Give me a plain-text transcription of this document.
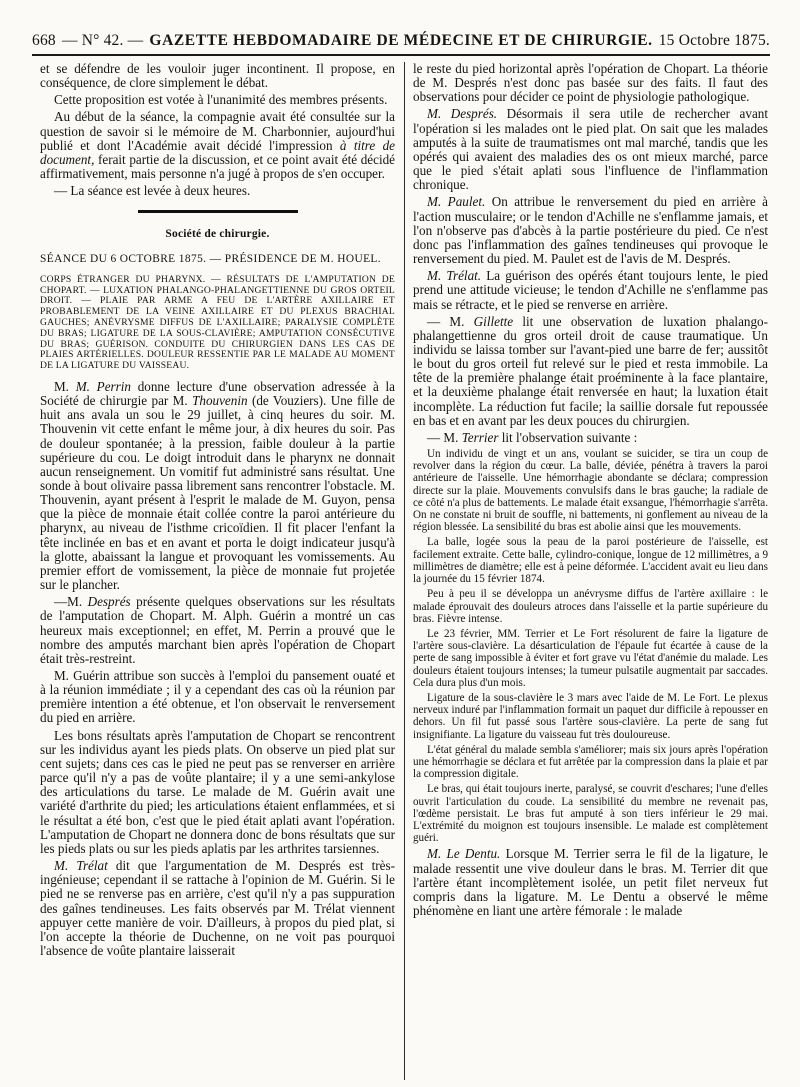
668 — N° 42. — GAZETTE HEBDOMADAIRE DE MÉDECINE ET DE CHIRURGIE. 15 Octobre 1875.

et se défendre de les vouloir juger incontinent. Il propose, en conséquence, de clore simplement le débat.

Cette proposition est votée à l'unanimité des membres présents.

Au début de la séance, la compagnie avait été consultée sur la question de savoir si le mémoire de M. Charbonnier, aujourd'hui publié et dont l'Académie avait décidé l'impression à titre de document, ferait partie de la discussion, et ce point avait été décidé affirmativement, mais personne n'a jugé à propos de s'en occuper.

— La séance est levée à deux heures.

Société de chirurgie.

SÉANCE DU 6 OCTOBRE 1875. — PRÉSIDENCE DE M. HOUEL.

CORPS ÉTRANGER DU PHARYNX. — RÉSULTATS DE L'AMPUTATION DE CHOPART. — LUXATION PHALANGO-PHALANGETTIENNE DU GROS ORTEIL DROIT. — PLAIE PAR ARME A FEU DE L'ARTÈRE AXILLAIRE ET PROBABLEMENT DE LA VEINE AXILLAIRE ET DU PLEXUS BRACHIAL GAUCHES; ANÉVRYSME DIFFUS DE L'AXILLAIRE; PARALYSIE COMPLÈTE DU BRAS; LIGATURE DE LA SOUS-CLAVIÈRE; AMPUTATION CONSÉCUTIVE DU BRAS; GUÉRISON. CONDUITE DU CHIRURGIEN DANS LES CAS DE PLAIES ARTÉRIELLES. DOULEUR RESSENTIE PAR LE MALADE AU MOMENT DE LA LIGATURE DU VAISSEAU.

M. M. Perrin donne lecture d'une observation adressée à la Société de chirurgie par M. Thouvenin (de Vouziers). Une fille de huit ans avala un sou le 29 juillet, à cinq heures du soir. M. Thouvenin vit cette enfant le même jour, à dix heures du soir. Pas de douleur spontanée; à la pression, faible douleur à la partie supérieure du cou. Le doigt introduit dans le pharynx ne donnait aucun renseignement. Un vomitif fut administré sans résultat. Une sonde à bout olivaire passa librement sans rencontrer l'obstacle. M. Thouvenin, ayant présent à l'esprit le malade de M. Guyon, pensa que la pièce de monnaie était collée contre la paroi antérieure du pharynx, au niveau de l'isthme cricoïdien. Il fit placer l'enfant la tête inclinée en bas et en avant et porta le doigt indicateur jusqu'à la glotte, abaissant la langue et provoquant les vomissements. Au premier effort de vomissement, la pièce de monnaie fut projetée sur le plancher.

—M. Després présente quelques observations sur les résultats de l'amputation de Chopart. M. Alph. Guérin a montré un cas heureux mais exceptionnel; en effet, M. Perrin a prouvé que le nombre des amputés marchant bien après l'opération de Chopart était très-restreint.

M. Guérin attribue son succès à l'emploi du pansement ouaté et à la réunion immédiate ; il y a cependant des cas où la réunion par première intention a été obtenue, et l'on observait le renversement du pied en arrière.

Les bons résultats après l'amputation de Chopart se rencontrent sur les individus ayant les pieds plats. On observe un pied plat sur cent sujets; dans ces cas le pied ne peut pas se renverser en arrière parce qu'il n'y a pas de voûte plantaire; il y a une semi-ankylose des articulations du tarse. Le malade de M. Guérin avait une variété d'arthrite du pied; les articulations étaient enflammées, et si le résultat a été bon, c'est que le pied était aplati avant l'opération. L'amputation de Chopart ne donnera donc de bons résultats que sur les pieds plats ou sur les pieds aplatis par les arthrites tarsiennes.

M. Trélat dit que l'argumentation de M. Després est très-ingénieuse; cependant il se rattache à l'opinion de M. Guérin. Si le pied ne se renverse pas en arrière, c'est qu'il n'y a pas suppuration des gaînes tendineuses. Les faits observés par M. Trélat viennent appuyer cette manière de voir. D'ailleurs, à propos du pied plat, si l'on accepte la théorie de Duchenne, on ne voit pas pourquoi l'absence de voûte plantaire laisserait

le reste du pied horizontal après l'opération de Chopart. La théorie de M. Després n'est donc pas basée sur des faits. Il faut des observations pour décider ce point de physiologie pathologique.

M. Després. Désormais il sera utile de rechercher avant l'opération si les malades ont le pied plat. On sait que les malades amputés à la suite de traumatismes ont mal marché, tandis que les opérés qui avaient des maladies des os ont mieux marché, parce que le pied s'était aplati sous l'influence de l'inflammation chronique.

M. Paulet. On attribue le renversement du pied en arrière à l'action musculaire; or le tendon d'Achille ne s'enflamme jamais, et l'on n'observe pas d'abcès à la partie postérieure du pied. Ce n'est donc pas l'inflammation des gaînes tendineuses qui provoque le renversement du pied. M. Paulet est de l'avis de M. Després.

M. Trélat. La guérison des opérés étant toujours lente, le pied prend une attitude vicieuse; le tendon d'Achille ne s'enflamme pas mais se rétracte, et le pied se renverse en arrière.

— M. Gillette lit une observation de luxation phalango-phalangettienne du gros orteil droit de cause traumatique. Un individu se laissa tomber sur l'avant-pied une barre de fer; aussitôt le bout du gros orteil fut relevé sur le pied et resta immobile. La tête de la première phalange était proéminente à la face plantaire, et la deuxième phalange était renversée en haut; la luxation était incomplète. La réduction fut facile; la saillie dorsale fut repoussée en bas et en avant par les deux pouces du chirurgien.

— M. Terrier lit l'observation suivante :

Un individu de vingt et un ans, voulant se suicider, se tira un coup de revolver dans la région du cœur. La balle, déviée, pénétra à travers la paroi antérieure de l'aisselle. Une hémorrhagie abondante se déclara; compression directe sur la plaie. Mouvements convulsifs dans le bras gauche; la radiale de ce côté n'a plus de battements. Le malade était exsangue, l'hémorrhagie s'arrêta. On ne constate ni bruit de souffle, ni battements, ni gonflement au niveau de la région blessée. La sensibilité du bras est abolie ainsi que les mouvements.

La balle, logée sous la peau de la paroi postérieure de l'aisselle, est facilement extraite. Cette balle, cylindro-conique, longue de 12 millimètres, a 9 millimètres de diamètre; elle est à peine déformée. L'accident avait eu lieu dans la journée du 15 février 1874.

Peu à peu il se développa un anévrysme diffus de l'artère axillaire : le malade éprouvait des douleurs atroces dans l'aisselle et la partie supérieure du bras. Fièvre intense.

Le 23 février, MM. Terrier et Le Fort résolurent de faire la ligature de l'artère sous-clavière. La désarticulation de l'épaule fut écartée à cause de la perte de sang impossible à éviter et fort grave vu l'état d'anémie du malade. Les douleurs étaient toujours intenses; la tumeur pulsatile augmentait par saccades. Cela dura plus d'un mois.

Ligature de la sous-clavière le 3 mars avec l'aide de M. Le Fort. Le plexus nerveux induré par l'inflammation formait un paquet dur difficile à repousser en dehors. Un fil fut passé sous l'artère sous-clavière. La perte de sang fut insignifiante. La ligature du vaisseau fut très douloureuse.

L'état général du malade sembla s'améliorer; mais six jours après l'opération une hémorrhagie se déclara et fut arrêtée par la compression dans la plaie et par la compression digitale.

Le bras, qui était toujours inerte, paralysé, se couvrit d'eschares; l'une d'elles ouvrit l'articulation du coude. La sensibilité du membre ne revenait pas, l'œdème persistait. Le bras fut amputé à son tiers inférieur le 29 mai. L'extrémité du moignon est toujours insensible. Le malade est complètement guéri.

M. Le Dentu. Lorsque M. Terrier serra le fil de la ligature, le malade ressentit une vive douleur dans le bras. M. Terrier dit que l'artère étant incomplètement isolée, un petit filet nerveux fut compris dans la ligature. M. Le Dentu a observé le même phénomène en liant une artère fémorale : le malade
